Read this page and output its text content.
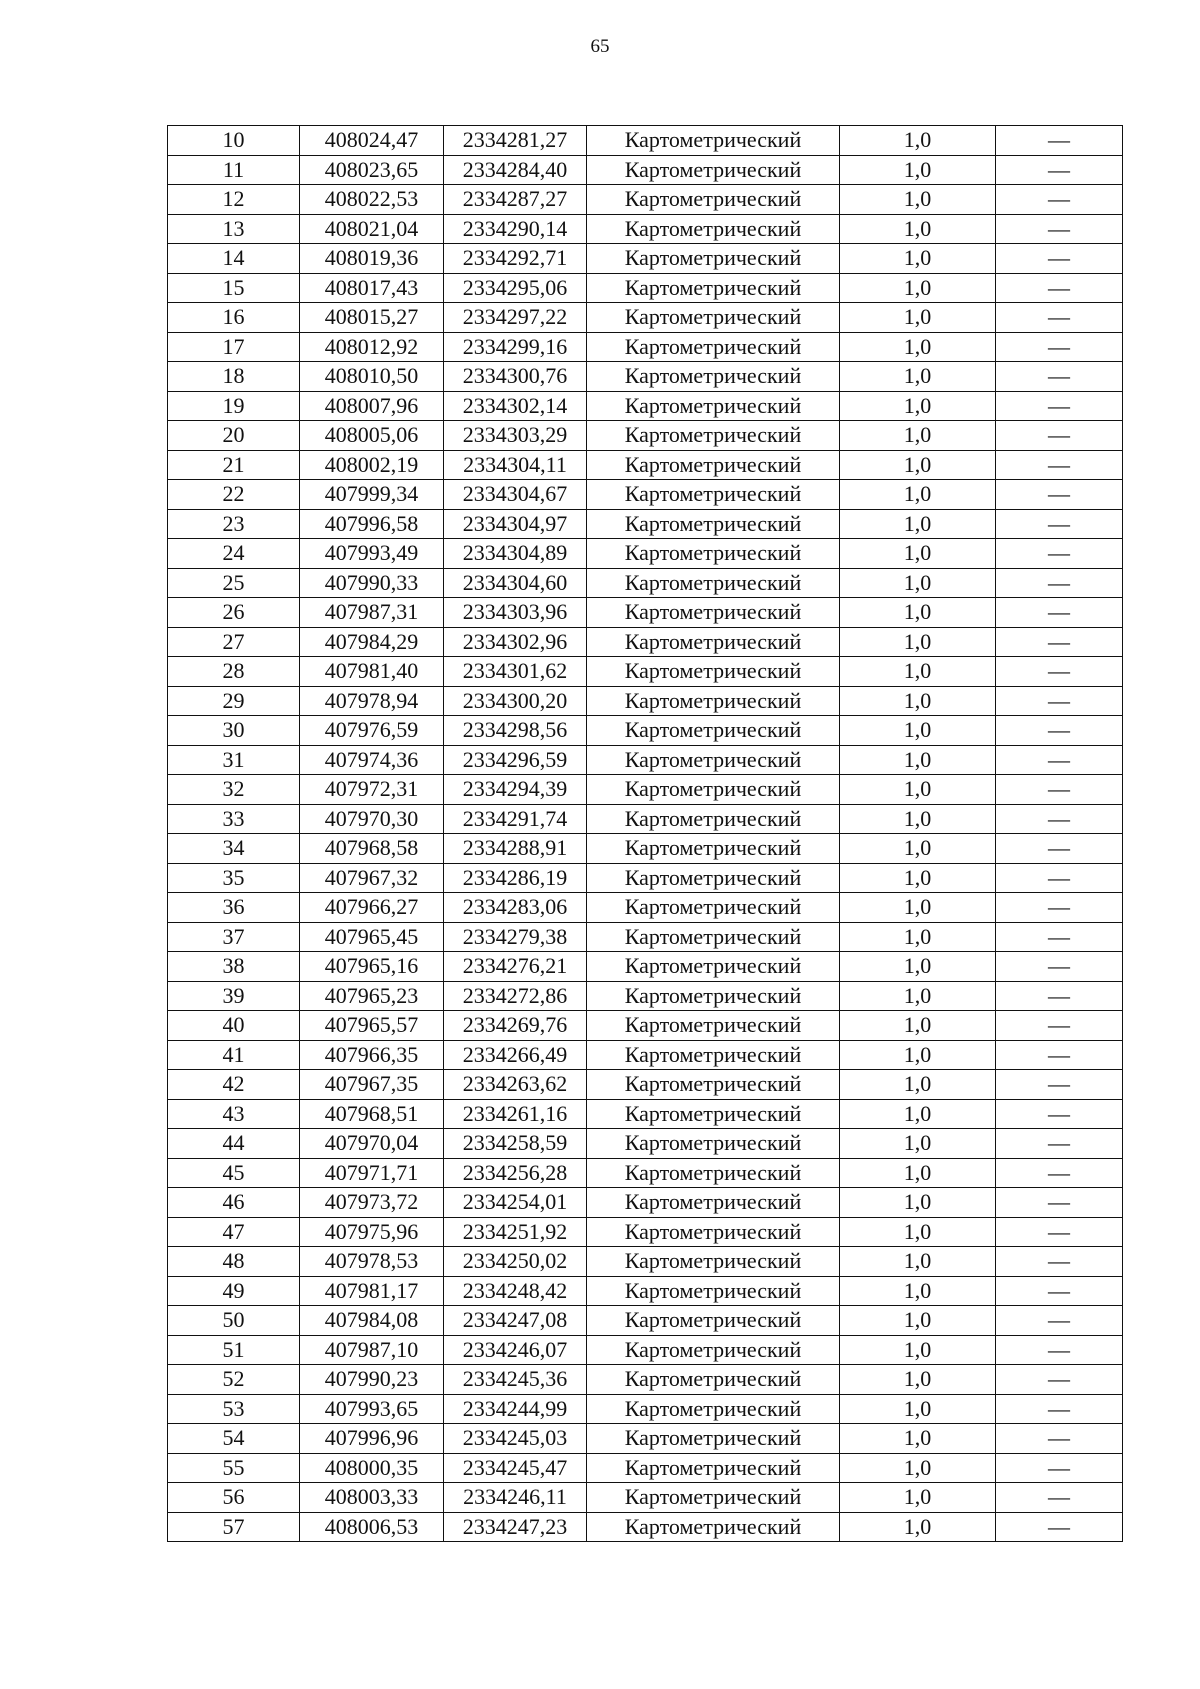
65
10	408024,47	2334281,27	Картометрический	1,0	—
11	408023,65	2334284,40	Картометрический	1,0	—
12	408022,53	2334287,27	Картометрический	1,0	—
13	408021,04	2334290,14	Картометрический	1,0	—
14	408019,36	2334292,71	Картометрический	1,0	—
15	408017,43	2334295,06	Картометрический	1,0	—
16	408015,27	2334297,22	Картометрический	1,0	—
17	408012,92	2334299,16	Картометрический	1,0	—
18	408010,50	2334300,76	Картометрический	1,0	—
19	408007,96	2334302,14	Картометрический	1,0	—
20	408005,06	2334303,29	Картометрический	1,0	—
21	408002,19	2334304,11	Картометрический	1,0	—
22	407999,34	2334304,67	Картометрический	1,0	—
23	407996,58	2334304,97	Картометрический	1,0	—
24	407993,49	2334304,89	Картометрический	1,0	—
25	407990,33	2334304,60	Картометрический	1,0	—
26	407987,31	2334303,96	Картометрический	1,0	—
27	407984,29	2334302,96	Картометрический	1,0	—
28	407981,40	2334301,62	Картометрический	1,0	—
29	407978,94	2334300,20	Картометрический	1,0	—
30	407976,59	2334298,56	Картометрический	1,0	—
31	407974,36	2334296,59	Картометрический	1,0	—
32	407972,31	2334294,39	Картометрический	1,0	—
33	407970,30	2334291,74	Картометрический	1,0	—
34	407968,58	2334288,91	Картометрический	1,0	—
35	407967,32	2334286,19	Картометрический	1,0	—
36	407966,27	2334283,06	Картометрический	1,0	—
37	407965,45	2334279,38	Картометрический	1,0	—
38	407965,16	2334276,21	Картометрический	1,0	—
39	407965,23	2334272,86	Картометрический	1,0	—
40	407965,57	2334269,76	Картометрический	1,0	—
41	407966,35	2334266,49	Картометрический	1,0	—
42	407967,35	2334263,62	Картометрический	1,0	—
43	407968,51	2334261,16	Картометрический	1,0	—
44	407970,04	2334258,59	Картометрический	1,0	—
45	407971,71	2334256,28	Картометрический	1,0	—
46	407973,72	2334254,01	Картометрический	1,0	—
47	407975,96	2334251,92	Картометрический	1,0	—
48	407978,53	2334250,02	Картометрический	1,0	—
49	407981,17	2334248,42	Картометрический	1,0	—
50	407984,08	2334247,08	Картометрический	1,0	—
51	407987,10	2334246,07	Картометрический	1,0	—
52	407990,23	2334245,36	Картометрический	1,0	—
53	407993,65	2334244,99	Картометрический	1,0	—
54	407996,96	2334245,03	Картометрический	1,0	—
55	408000,35	2334245,47	Картометрический	1,0	—
56	408003,33	2334246,11	Картометрический	1,0	—
57	408006,53	2334247,23	Картометрический	1,0	—
